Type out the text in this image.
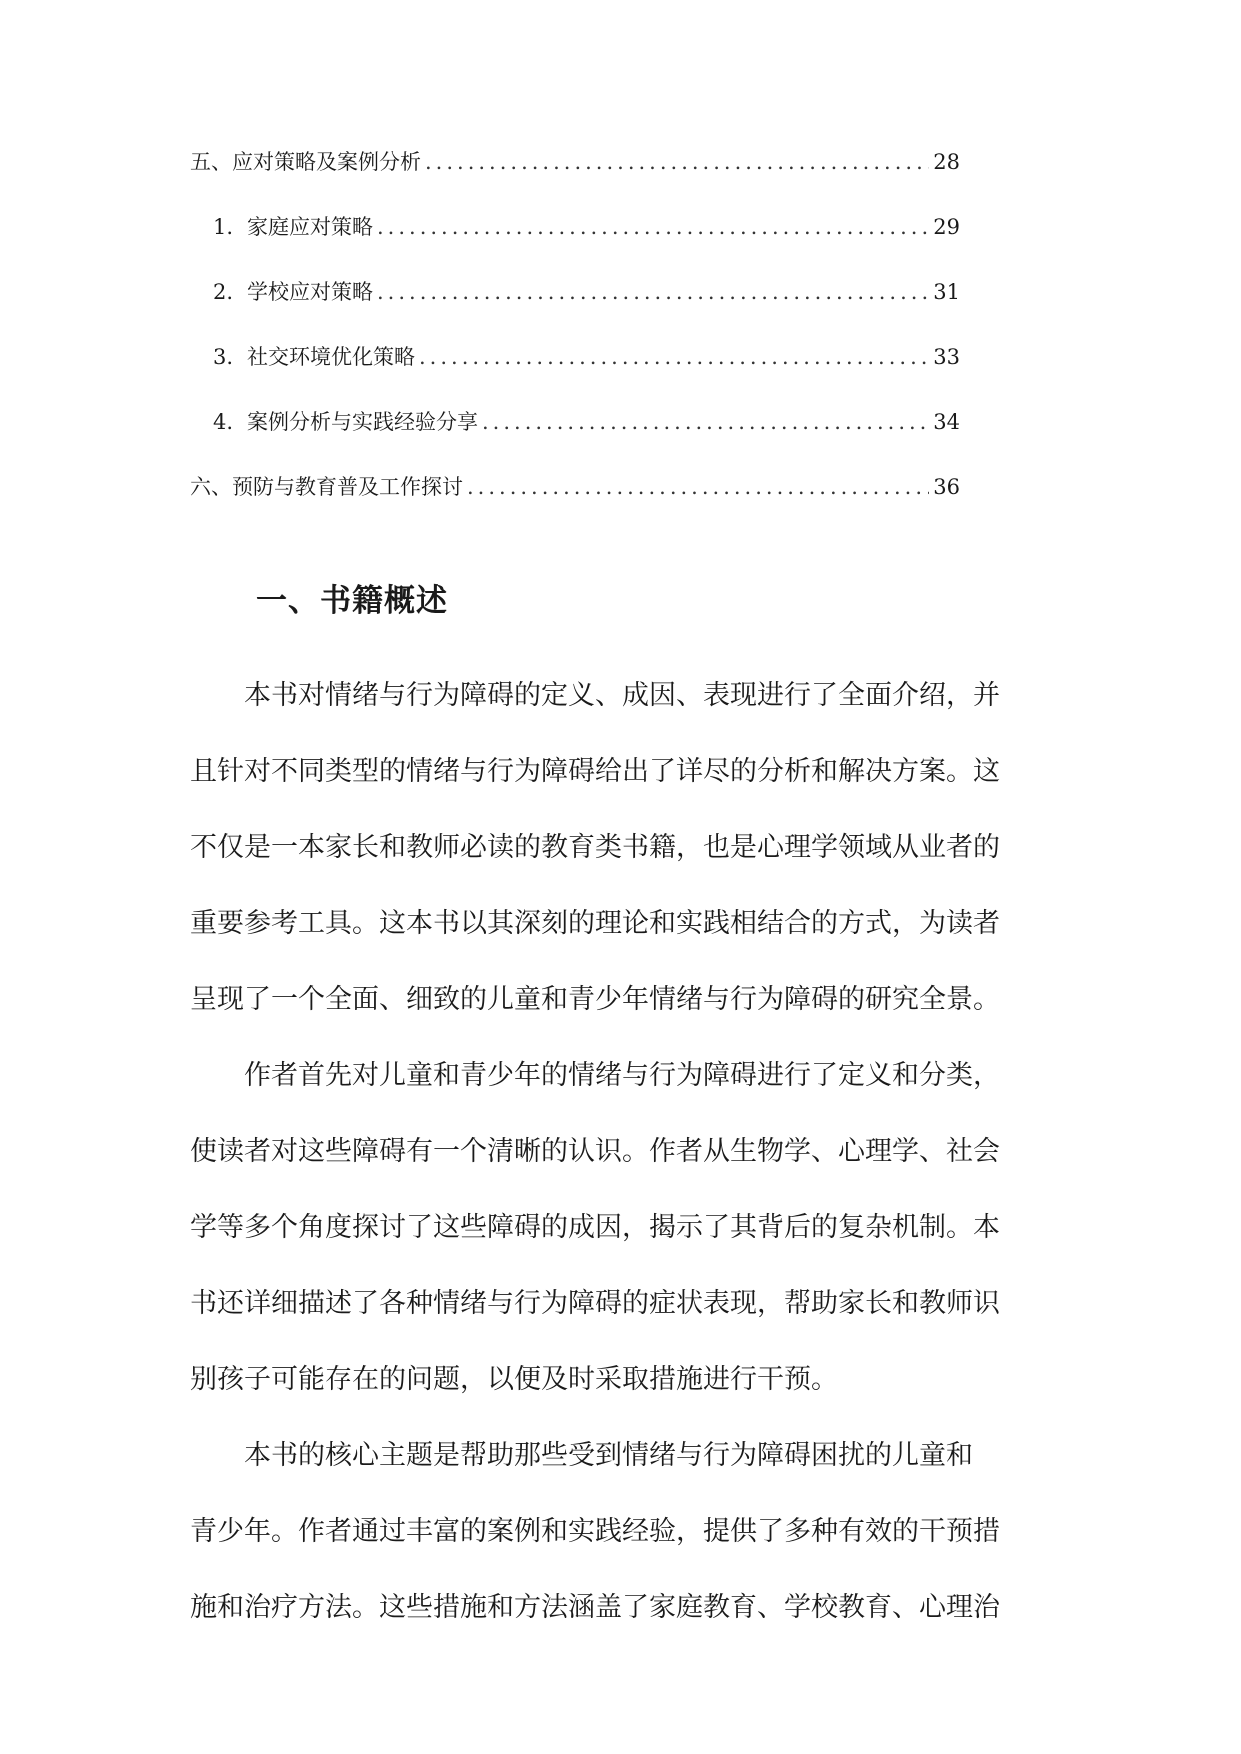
五、应对策略及案例分析 .....	28
1. 家庭应对策略 .....	29
2. 学校应对策略 .....	31
3. 社交环境优化策略 .....	33
4. 案例分析与实践经验分享 .....	34
六、预防与教育普及工作探讨 .....	36
一、书籍概述

本书对情绪与行为障碍的定义、成因、表现进行了全面介绍，并
且针对不同类型的情绪与行为障碍给出了详尽的分析和解决方案。这
不仅是一本家长和教师必读的教育类书籍，也是心理学领域从业者的
重要参考工具。这本书以其深刻的理论和实践相结合的方式，为读者
呈现了一个全面、细致的儿童和青少年情绪与行为障碍的研究全景。

作者首先对儿童和青少年的情绪与行为障碍进行了定义和分类，
使读者对这些障碍有一个清晰的认识。作者从生物学、心理学、社会
学等多个角度探讨了这些障碍的成因，揭示了其背后的复杂机制。本
书还详细描述了各种情绪与行为障碍的症状表现，帮助家长和教师识
别孩子可能存在的问题，以便及时采取措施进行干预。

本书的核心主题是帮助那些受到情绪与行为障碍困扰的儿童和
青少年。作者通过丰富的案例和实践经验，提供了多种有效的干预措
施和治疗方法。这些措施和方法涵盖了家庭教育、学校教育、心理治
